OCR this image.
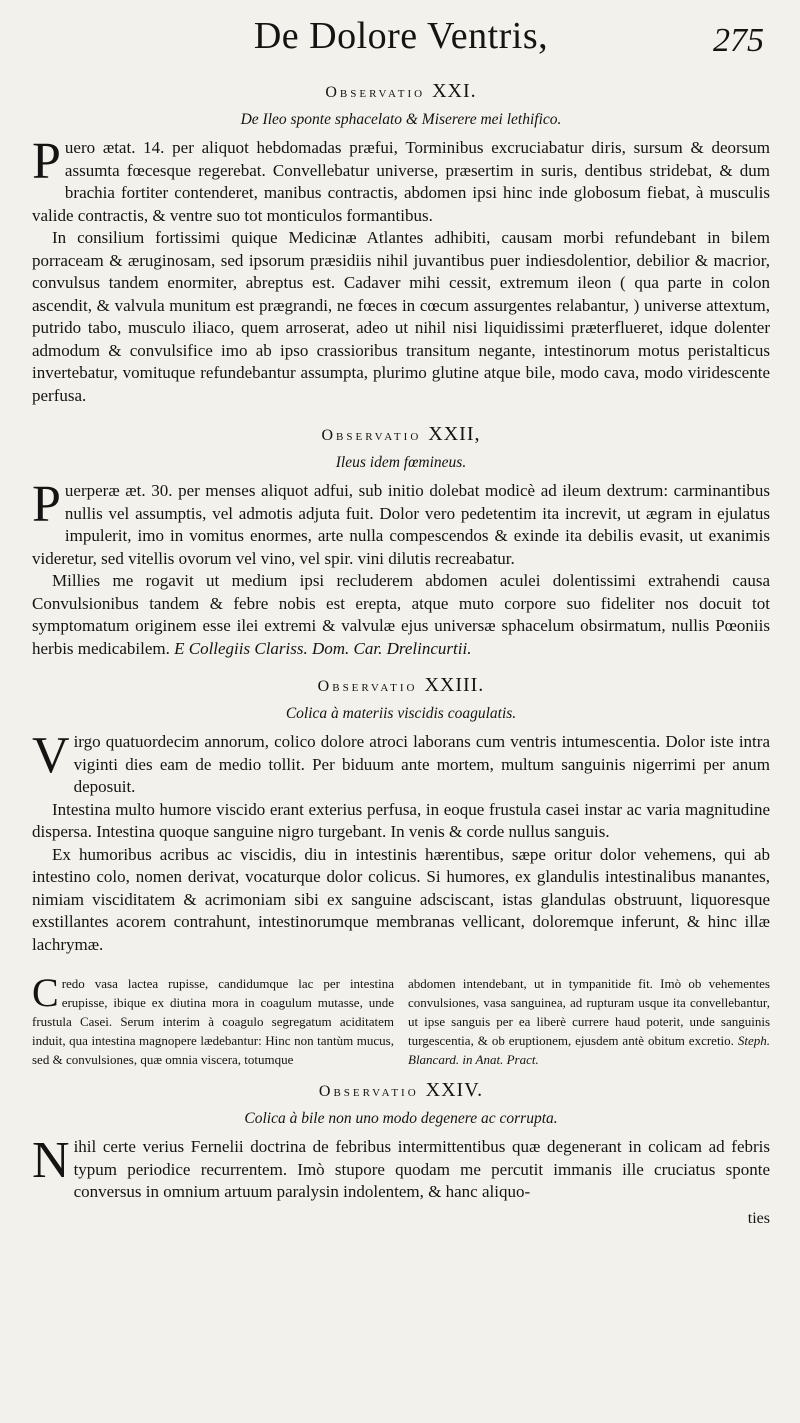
De Dolore Ventris,	275
Observatio XXI.
De Ileo sponte sphacelato & Miserere mei lethifico.

Puero ætat. 14. per aliquot hebdomadas præfui, Torminibus excruciabatur diris, sursum & deorsum assumta fœcesque regerebat. Convellebatur universe, præsertim in suris, dentibus stridebat, & dum brachia fortiter contenderet, manibus contractis, abdomen ipsi hinc inde globosum fiebat, à musculis valide contractis, & ventre suo tot monticulos formantibus.

In consilium fortissimi quique Medicinæ Atlantes adhibiti, causam morbi refundebant in bilem porraceam & æruginosam, sed ipsorum præsidiis nihil juvantibus puer indiesdolentior, debilior & macrior, convulsus tandem enormiter, abreptus est. Cadaver mihi cessit, extremum ileon ( qua parte in colon ascendit, & valvula munitum est prægrandi, ne fœces in cœcum assurgentes relabantur, ) universe attextum, putrido tabo, musculo iliaco, quem arroserat, adeo ut nihil nisi liquidissimi præterflueret, idque dolenter admodum & convulsifice imo ab ipso crassioribus transitum negante, intestinorum motus peristalticus invertebatur, vomituque refundebantur assumpta, plurimo glutine atque bile, modo cava, modo viridescente perfusa.

Observatio XXII,
Ileus idem fœmineus.

Puerperæ æt. 30. per menses aliquot adfui, sub initio dolebat modicè ad ileum dextrum: carminantibus nullis vel assumptis, vel admotis adjuta fuit. Dolor vero pedetentim ita increvit, ut ægram in ejulatus impulerit, imo in vomitus enormes, arte nulla compescendos & exinde ita debilis evasit, ut exanimis videretur, sed vitellis ovorum vel vino, vel spir. vini dilutis recreabatur.

Millies me rogavit ut medium ipsi recluderem abdomen aculei dolentissimi extrahendi causa Convulsionibus tandem & febre nobis est erepta, atque muto corpore suo fideliter nos docuit tot symptomatum originem esse ilei extremi & valvulæ ejus universæ sphacelum obsirmatum, nullis Pœoniis herbis medicabilem. E Collegiis Clariss. Dom. Car. Drelincurtii.

Observatio XXIII.
Colica à materiis viscidis coagulatis.

Virgo quatuordecim annorum, colico dolore atroci laborans cum ventris intumescentia. Dolor iste intra viginti dies eam de medio tollit. Per biduum ante mortem, multum sanguinis nigerrimi per anum deposuit.

Intestina multo humore viscido erant exterius perfusa, in eoque frustula casei instar ac varia magnitudine dispersa. Intestina quoque sanguine nigro turgebant. In venis & corde nullus sanguis.

Ex humoribus acribus ac viscidis, diu in intestinis hærentibus, sæpe oritur dolor vehemens, qui ab intestino colo, nomen derivat, vocaturque dolor colicus. Si humores, ex glandulis intestinalibus manantes, nimiam visciditatem & acrimoniam sibi ex sanguine adsciscant, istas glandulas obstruunt, liquoresque exstillantes acorem contrahunt, intestinorumque membranas vellicant, doloremque inferunt, & hinc illæ lachrymæ.

Credo vasa lactea rupisse, candidumque lac per intestina erupisse, ibique ex diutina mora in coagulum mutasse, unde frustula Casei. Serum interim à coagulo segregatum aciditatem induit, qua intestina magnopere lædebantur: Hinc non tantùm mucus, sed & convulsiones, quæ omnia viscera, totumque
abdomen intendebant, ut in tympanitide fit. Imò ob vehementes convulsiones, vasa sanguinea, ad rupturam usque ita convellebantur, ut ipse sanguis per ea liberè currere haud poterit, unde sanguinis turgescentia, & ob eruptionem, ejusdem antè obitum excretio. Steph. Blancard. in Anat. Pract.
Observatio XXIV.
Colica à bile non uno modo degenere ac corrupta.

Nihil certe verius Fernelii doctrina de febribus intermittentibus quæ degenerant in colicam ad febris typum periodice recurrentem. Imò stupore quodam me percutit immanis ille cruciatus sponte conversus in omnium artuum paralysin indolentem, & hanc aliquo-

ties
